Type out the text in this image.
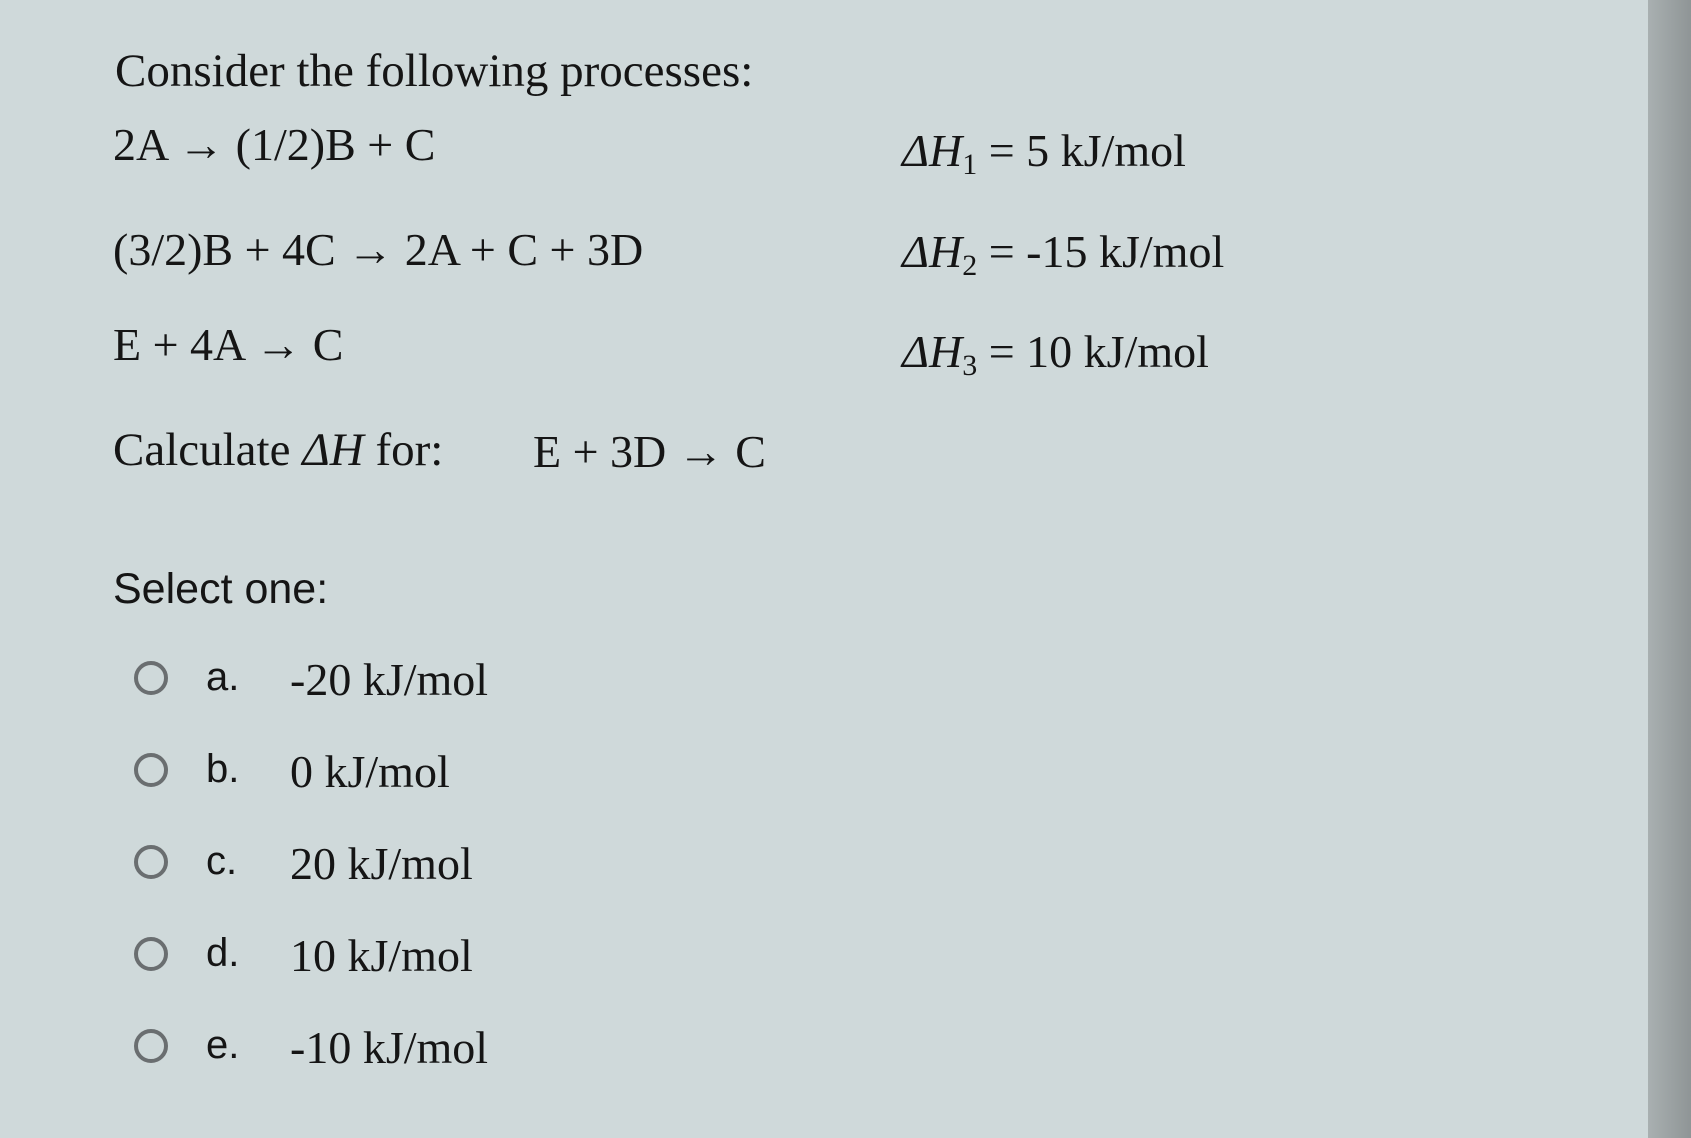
Consider the following processes:
2A → (1/2)B + C	$\Delta H_1 = 5$ kJ/mol
(3/2)B + 4C → 2A + C + 3D	$\Delta H_2 = -15$ kJ/mol
E + 4A → C	$\Delta H_3 = 10$ kJ/mol
Calculate ΔH for: E + 3D → C
Select one:
a. -20 kJ/mol
b. 0 kJ/mol
c. 20 kJ/mol
d. 10 kJ/mol
e. -10 kJ/mol
